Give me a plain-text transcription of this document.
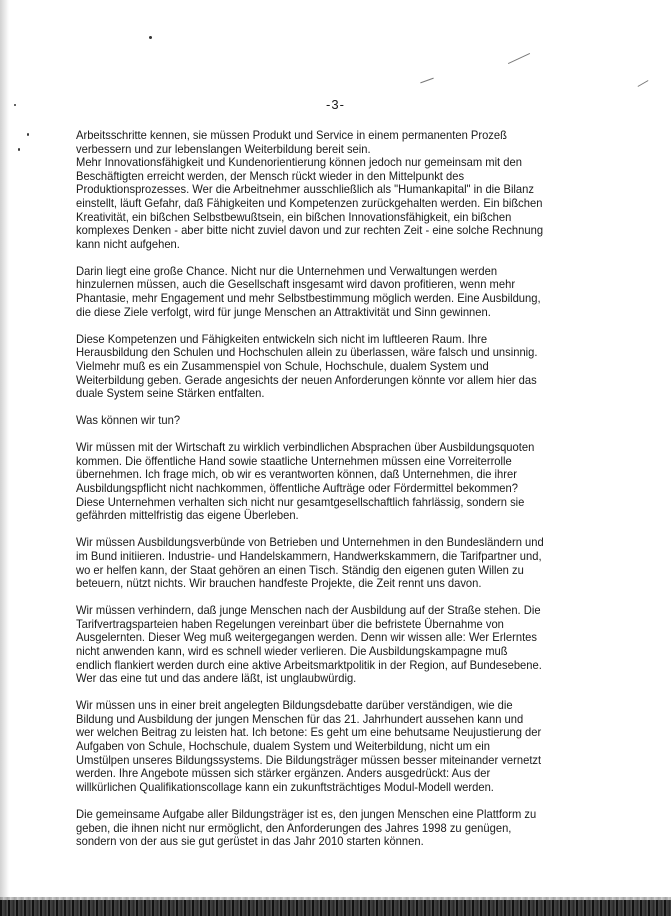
-3-
Arbeitsschritte kennen, sie müssen Produkt und Service in einem permanenten Prozeß
verbessern und zur lebenslangen Weiterbildung bereit sein.
Mehr Innovationsfähigkeit und Kundenorientierung können jedoch nur gemeinsam mit den
Beschäftigten erreicht werden, der Mensch rückt wieder in den Mittelpunkt des
Produktionsprozesses. Wer die Arbeitnehmer ausschließlich als "Humankapital" in die Bilanz
einstellt, läuft Gefahr, daß Fähigkeiten und Kompetenzen zurückgehalten werden. Ein bißchen
Kreativität, ein bißchen Selbstbewußtsein, ein bißchen Innovationsfähigkeit, ein bißchen
komplexes Denken - aber bitte nicht zuviel davon und zur rechten Zeit - eine solche Rechnung
kann nicht aufgehen.
Darin liegt eine große Chance. Nicht nur die Unternehmen und Verwaltungen werden
hinzulernen müssen, auch die Gesellschaft insgesamt wird davon profitieren, wenn mehr
Phantasie, mehr Engagement und mehr Selbstbestimmung möglich werden. Eine Ausbildung,
die diese Ziele verfolgt, wird für junge Menschen an Attraktivität und Sinn gewinnen.
Diese Kompetenzen und Fähigkeiten entwickeln sich nicht im luftleeren Raum. Ihre
Herausbildung den Schulen und Hochschulen allein zu überlassen, wäre falsch und unsinnig.
Vielmehr muß es ein Zusammenspiel von Schule, Hochschule, dualem System und
Weiterbildung geben. Gerade angesichts der neuen Anforderungen könnte vor allem hier das
duale System seine Stärken entfalten.
Was können wir tun?
Wir müssen mit der Wirtschaft zu wirklich verbindlichen Absprachen über Ausbildungsquoten
kommen. Die öffentliche Hand sowie staatliche Unternehmen müssen eine Vorreiterrolle
übernehmen. Ich frage mich, ob wir es verantworten können, daß Unternehmen, die ihrer
Ausbildungspflicht nicht nachkommen, öffentliche Aufträge oder Fördermittel bekommen?
Diese Unternehmen verhalten sich nicht nur gesamtgesellschaftlich fahrlässig, sondern sie
gefährden mittelfristig das eigene Überleben.
Wir müssen Ausbildungsverbünde von Betrieben und Unternehmen in den Bundesländern und
im Bund initiieren. Industrie- und Handelskammern, Handwerkskammern, die Tarifpartner und,
wo er helfen kann, der Staat gehören an einen Tisch. Ständig den eigenen guten Willen zu
beteuern, nützt nichts. Wir brauchen handfeste Projekte, die Zeit rennt uns davon.
Wir müssen verhindern, daß junge Menschen nach der Ausbildung auf der Straße stehen. Die
Tarifvertragsparteien haben Regelungen vereinbart über die befristete Übernahme von
Ausgelernten. Dieser Weg muß weitergegangen werden. Denn wir wissen alle: Wer Erlerntes
nicht anwenden kann, wird es schnell wieder verlieren. Die Ausbildungskampagne muß
endlich flankiert werden durch eine aktive Arbeitsmarktpolitik in der Region, auf Bundesebene.
Wer das eine tut und das andere läßt, ist unglaubwürdig.
Wir müssen uns in einer breit angelegten Bildungsdebatte darüber verständigen, wie die
Bildung und Ausbildung der jungen Menschen für das 21. Jahrhundert aussehen kann und
wer welchen Beitrag zu leisten hat. Ich betone: Es geht um eine behutsame Neujustierung der
Aufgaben von Schule, Hochschule, dualem System und Weiterbildung, nicht um ein
Umstülpen unseres Bildungssystems. Die Bildungsträger müssen besser miteinander vernetzt
werden. Ihre Angebote müssen sich stärker ergänzen. Anders ausgedrückt: Aus der
willkürlichen Qualifikationscollage kann ein zukunftsträchtiges Modul-Modell werden.
Die gemeinsame Aufgabe aller Bildungsträger ist es, den jungen Menschen eine Plattform zu
geben, die ihnen nicht nur ermöglicht, den Anforderungen des Jahres 1998 zu genügen,
sondern von der aus sie gut gerüstet in das Jahr 2010 starten können.
